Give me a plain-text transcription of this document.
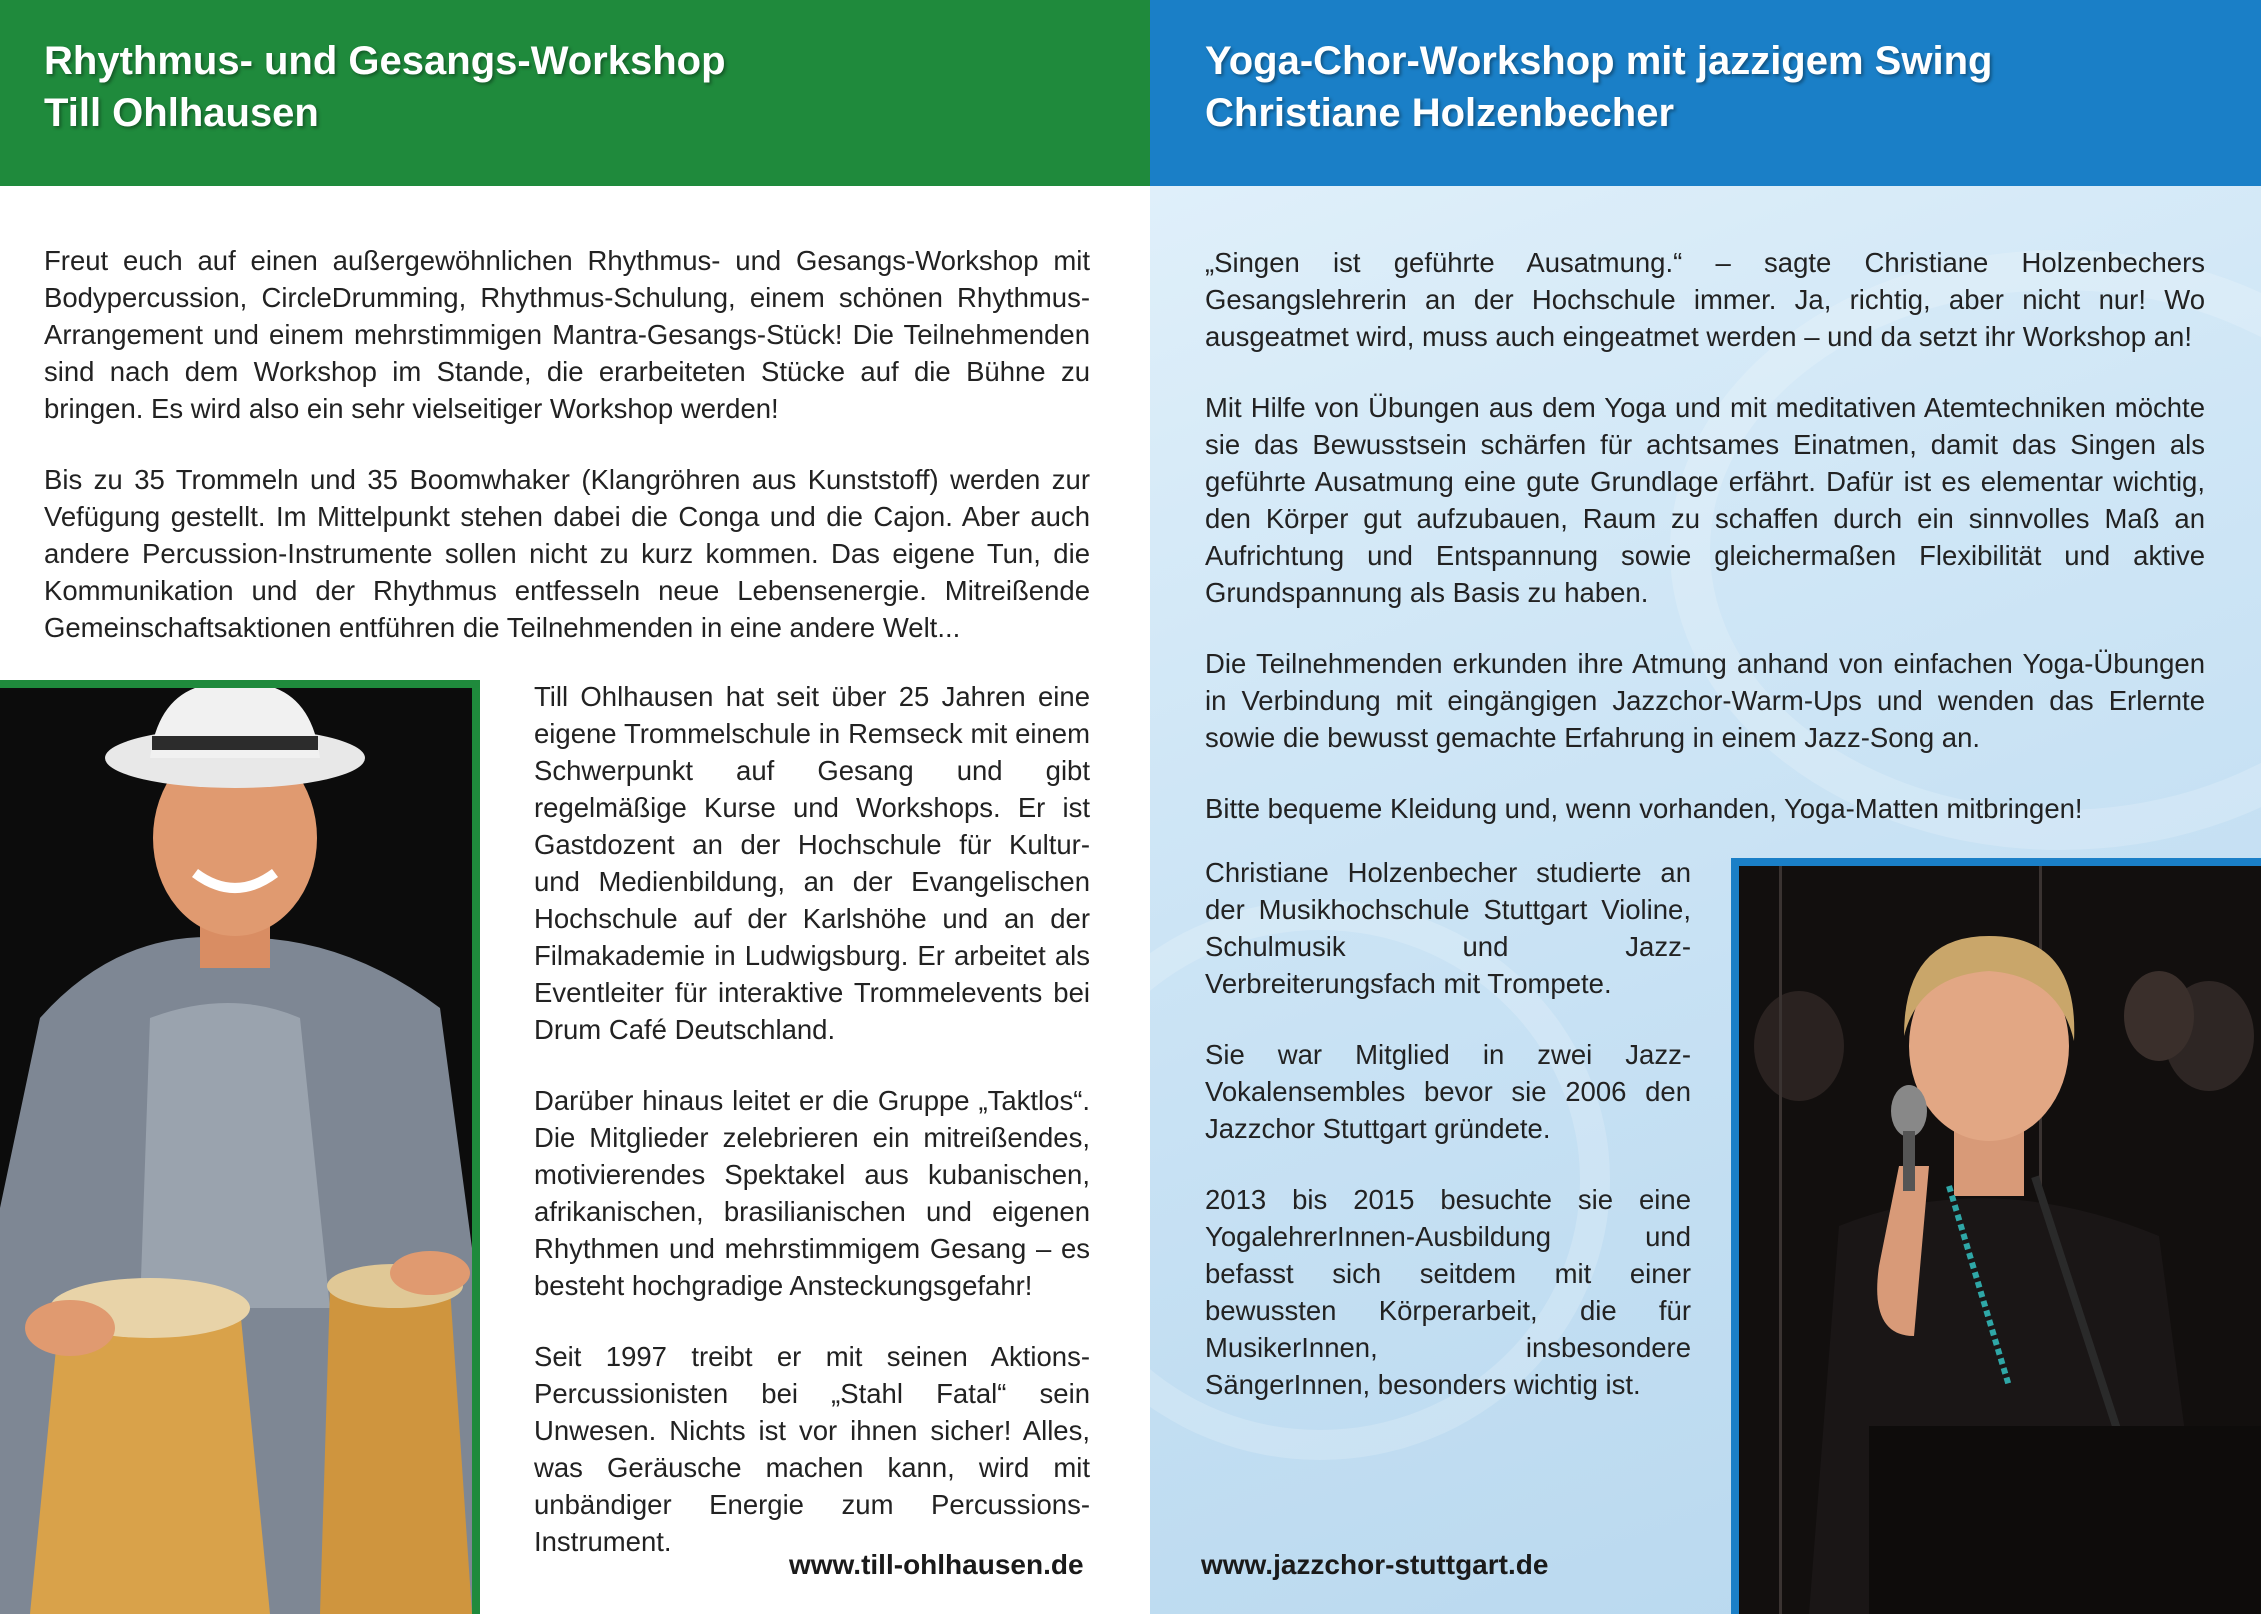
Rhythmus- und Gesangs-Workshop
Till Ohlhausen

Freut euch auf einen außergewöhnlichen Rhythmus- und Gesangs-Workshop mit Bodypercussion, CircleDrumming, Rhythmus-Schulung, einem schönen Rhythmus-Arrangement und einem mehrstimmigen Mantra-Gesangs-Stück! Die Teilnehmenden sind nach dem Workshop im Stande, die erarbeiteten Stücke auf die Bühne zu bringen. Es wird also ein sehr vielseitiger Workshop werden!

Bis zu 35 Trommeln und 35 Boomwhaker (Klangröhren aus Kunststoff) werden zur Vefügung gestellt. Im Mittelpunkt stehen dabei die Conga und die Cajon. Aber auch andere Percussion-Instrumente sollen nicht zu kurz kommen. Das eigene Tun, die Kommunikation und der Rhythmus entfesseln neue Lebensenergie. Mitreißende Gemeinschaftsaktionen entführen die Teilnehmenden in eine andere Welt...

Till Ohlhausen hat seit über 25 Jahren eine eigene Trommelschule in Remseck mit einem Schwerpunkt auf Gesang und gibt regelmäßige Kurse und Workshops. Er ist Gastdozent an der Hochschule für Kultur- und Medienbildung, an der Evangelischen Hochschule auf der Karlshöhe und an der Filmakademie in Ludwigsburg. Er arbeitet als Eventleiter für interaktive Trommelevents bei Drum Café Deutschland.

Darüber hinaus leitet er die Gruppe „Taktlos“. Die Mitglieder zelebrieren ein mitreißendes, motivierendes Spektakel aus kubanischen, afrikanischen, brasilianischen und eigenen Rhythmen und mehrstimmigem Gesang – es besteht hochgradige Ansteckungsgefahr!

Seit 1997 treibt er mit seinen Aktions-Percussionisten bei „Stahl Fatal“ sein Unwesen. Nichts ist vor ihnen sicher! Alles, was Geräusche machen kann, wird mit unbändiger Energie zum Percussions-Instrument.

www.till-ohlhausen.de
Yoga-Chor-Workshop mit jazzigem Swing
Christiane Holzenbecher

„Singen ist geführte Ausatmung.“ – sagte Christiane Holzenbechers Gesangslehrerin an der Hochschule immer. Ja, richtig, aber nicht nur! Wo ausgeatmet wird, muss auch eingeatmet werden – und da setzt ihr Workshop an!

Mit Hilfe von Übungen aus dem Yoga und mit meditativen Atemtechniken möchte sie das Bewusstsein schärfen für achtsames Einatmen, damit das Singen als geführte Ausatmung eine gute Grundlage erfährt. Dafür ist es elementar wichtig, den Körper gut aufzubauen, Raum zu schaffen durch ein sinnvolles Maß an Aufrichtung und Entspannung sowie gleichermaßen Flexibilität und aktive Grundspannung als Basis zu haben.

Die Teilnehmenden erkunden ihre Atmung anhand von einfachen Yoga-Übungen in Verbindung mit eingängigen Jazzchor-Warm-Ups und wenden das Erlernte sowie die bewusst gemachte Erfahrung in einem Jazz-Song an.

Bitte bequeme Kleidung und, wenn vorhanden, Yoga-Matten mitbringen!

Christiane Holzenbecher studierte an der Musikhochschule Stuttgart Violine, Schulmusik und Jazz-Verbreiterungsfach mit Trompete.

Sie war Mitglied in zwei Jazz-Vokalensembles bevor sie 2006 den Jazzchor Stuttgart gründete.

2013 bis 2015 besuchte sie eine YogalehrerInnen-Ausbildung und befasst sich seitdem mit einer bewussten Körperarbeit, die für MusikerInnen, insbesondere SängerInnen, besonders wichtig ist.

www.jazzchor-stuttgart.de
